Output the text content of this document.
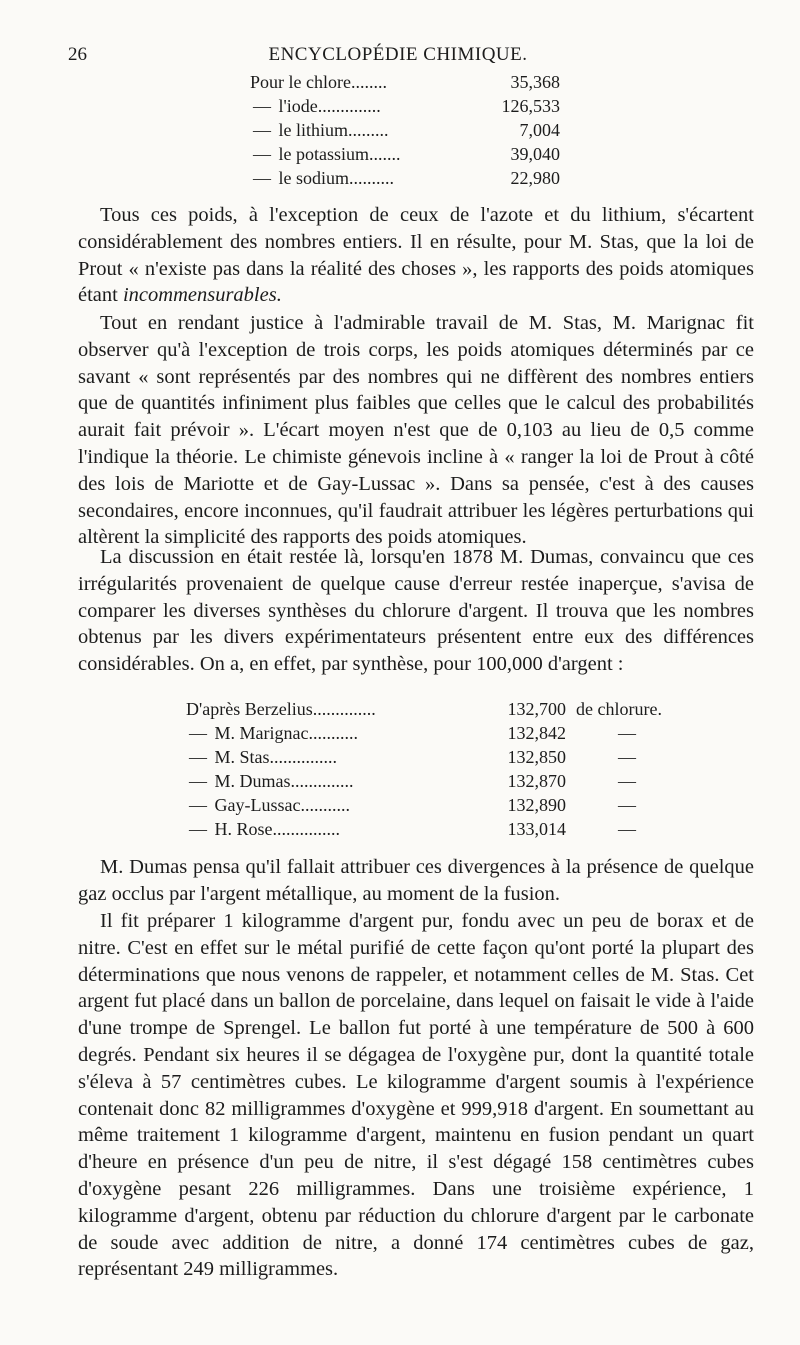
26	ENCYCLOPÉDIE CHIMIQUE.
Pour le chlore........	35,368
— l'iode..............	126,533
— le lithium.........	7,004
— le potassium.......	39,040
— le sodium..........	22,980

Tous ces poids, à l'exception de ceux de l'azote et du lithium, s'écartent considérablement des nombres entiers. Il en résulte, pour M. Stas, que la loi de Prout « n'existe pas dans la réalité des choses », les rapports des poids atomiques étant incommensurables.

Tout en rendant justice à l'admirable travail de M. Stas, M. Marignac fit observer qu'à l'exception de trois corps, les poids atomiques déterminés par ce savant « sont représentés par des nombres qui ne diffèrent des nombres entiers que de quantités infiniment plus faibles que celles que le calcul des probabilités aurait fait prévoir ». L'écart moyen n'est que de 0,103 au lieu de 0,5 comme l'indique la théorie. Le chimiste génevois incline à « ranger la loi de Prout à côté des lois de Mariotte et de Gay-Lussac ». Dans sa pensée, c'est à des causes secondaires, encore inconnues, qu'il faudrait attribuer les légères perturbations qui altèrent la simplicité des rapports des poids atomiques.

La discussion en était restée là, lorsqu'en 1878 M. Dumas, convaincu que ces irrégularités provenaient de quelque cause d'erreur restée inaperçue, s'avisa de comparer les diverses synthèses du chlorure d'argent. Il trouva que les nombres obtenus par les divers expérimentateurs présentent entre eux des différences considérables. On a, en effet, par synthèse, pour 100,000 d'argent :

D'après Berzelius..............	132,700 de chlorure.
— M. Marignac...........	132,842	—
— M. Stas...............	132,850	—
— M. Dumas..............	132,870	—
— Gay-Lussac...........	132,890	—
— H. Rose...............	133,014	—

M. Dumas pensa qu'il fallait attribuer ces divergences à la présence de quelque gaz occlus par l'argent métallique, au moment de la fusion.

Il fit préparer 1 kilogramme d'argent pur, fondu avec un peu de borax et de nitre. C'est en effet sur le métal purifié de cette façon qu'ont porté la plupart des déterminations que nous venons de rappeler, et notamment celles de M. Stas. Cet argent fut placé dans un ballon de porcelaine, dans lequel on faisait le vide à l'aide d'une trompe de Sprengel. Le ballon fut porté à une température de 500 à 600 degrés. Pendant six heures il se dégagea de l'oxygène pur, dont la quantité totale s'éleva à 57 centimètres cubes. Le kilogramme d'argent soumis à l'expérience contenait donc 82 milligrammes d'oxygène et 999,918 d'argent. En soumettant au même traitement 1 kilogramme d'argent, maintenu en fusion pendant un quart d'heure en présence d'un peu de nitre, il s'est dégagé 158 centimètres cubes d'oxygène pesant 226 milligrammes. Dans une troisième expérience, 1 kilogramme d'argent, obtenu par réduction du chlorure d'argent par le carbonate de soude avec addition de nitre, a donné 174 centimètres cubes de gaz, représentant 249 milligrammes.
